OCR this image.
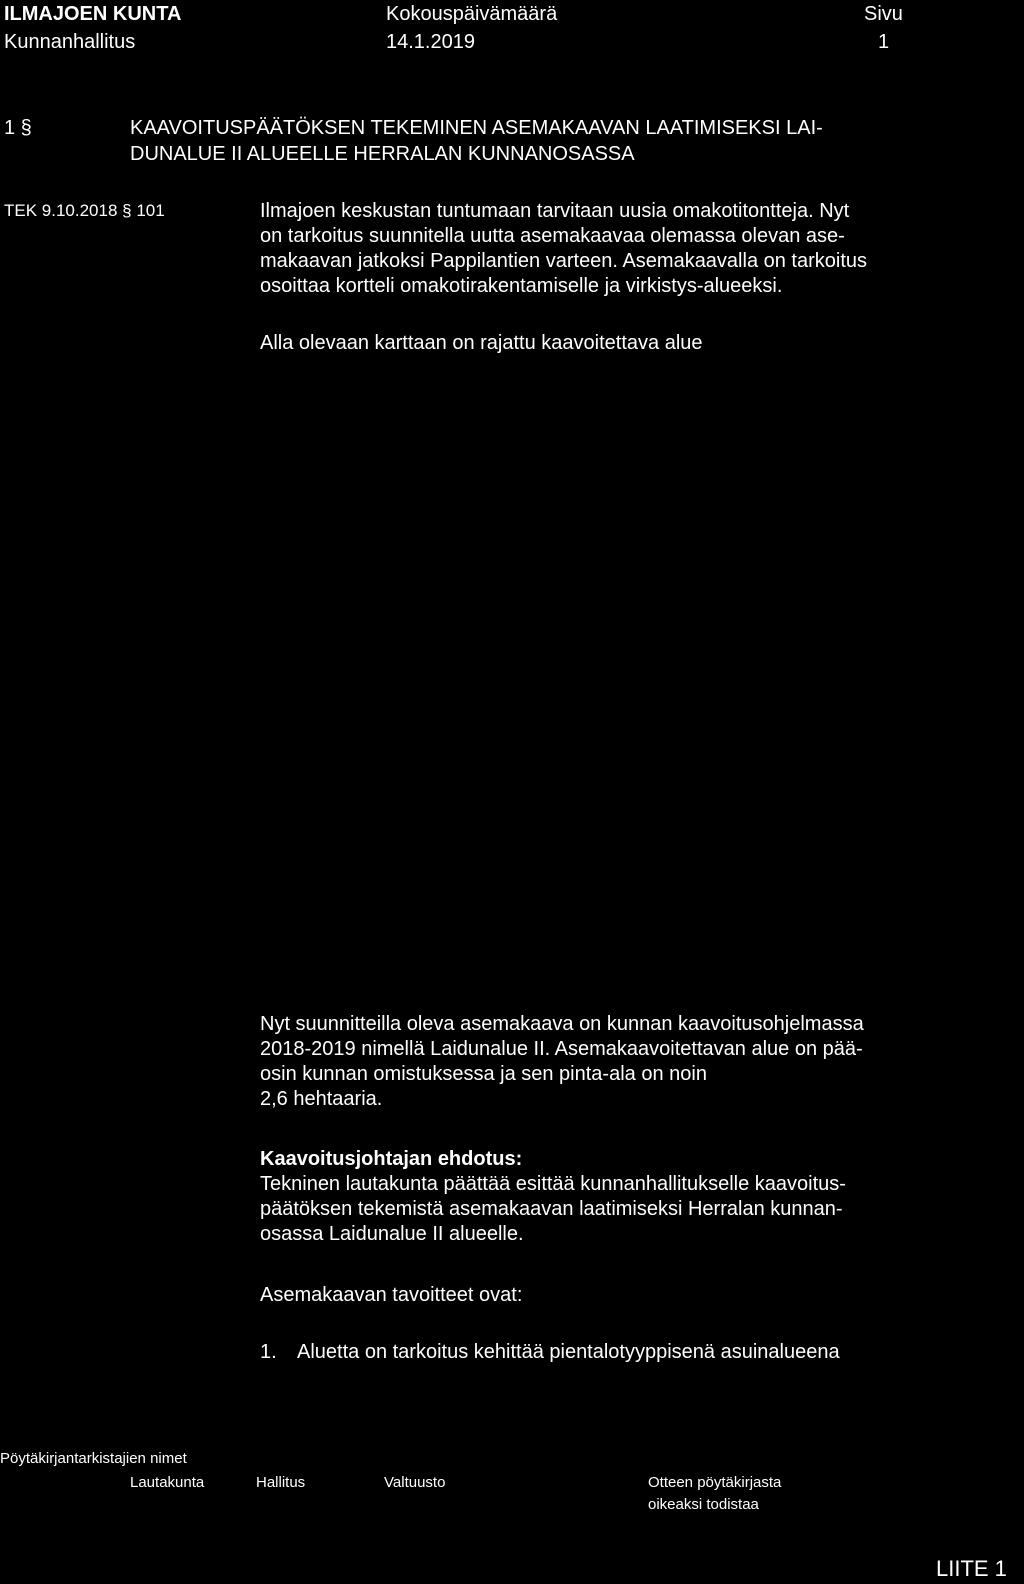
ILMAJOEN KUNTA
Kunnanhallitus
Kokouspäivämäärä
14.1.2019
Sivu
1
1 §	KAAVOITUSPÄÄTÖKSEN TEKEMINEN ASEMAKAAVAN LAATIMISEKSI LAI-
DUNALUE II ALUEELLE HERRALAN KUNNANOSASSA
TEK 9.10.2018 § 101	Ilmajoen keskustan tuntumaan tarvitaan uusia omakotitontteja. Nyt
on tarkoitus suunnitella uutta asemakaavaa olemassa olevan ase-
makaavan jatkoksi Pappilantien varteen. Asemakaavalla on tarkoitus
osoittaa kortteli omakotirakentamiselle ja virkistys-alueeksi.
Alla olevaan karttaan on rajattu kaavoitettava alue
Nyt suunnitteilla oleva asemakaava on kunnan kaavoitusohjelmassa
2018-2019 nimellä Laidunalue II. Asemakaavoitettavan alue on pää-
osin kunnan omistuksessa ja sen pinta-ala on noin
2,6 hehtaaria.
Kaavoitusjohtajan ehdotus:
Tekninen lautakunta päättää esittää kunnanhallitukselle kaavoitus-
päätöksen tekemistä asemakaavan laatimiseksi Herralan kunnan-
osassa Laidunalue II alueelle.
Asemakaavan tavoitteet ovat:
1. Aluetta on tarkoitus kehittää pientalotyyppisenä asuinalueena
Pöytäkirjantarkistajien nimet
Lautakunta	Hallitus	Valtuusto	Otteen pöytäkirjasta
oikeaksi todistaa
LIITE 1
